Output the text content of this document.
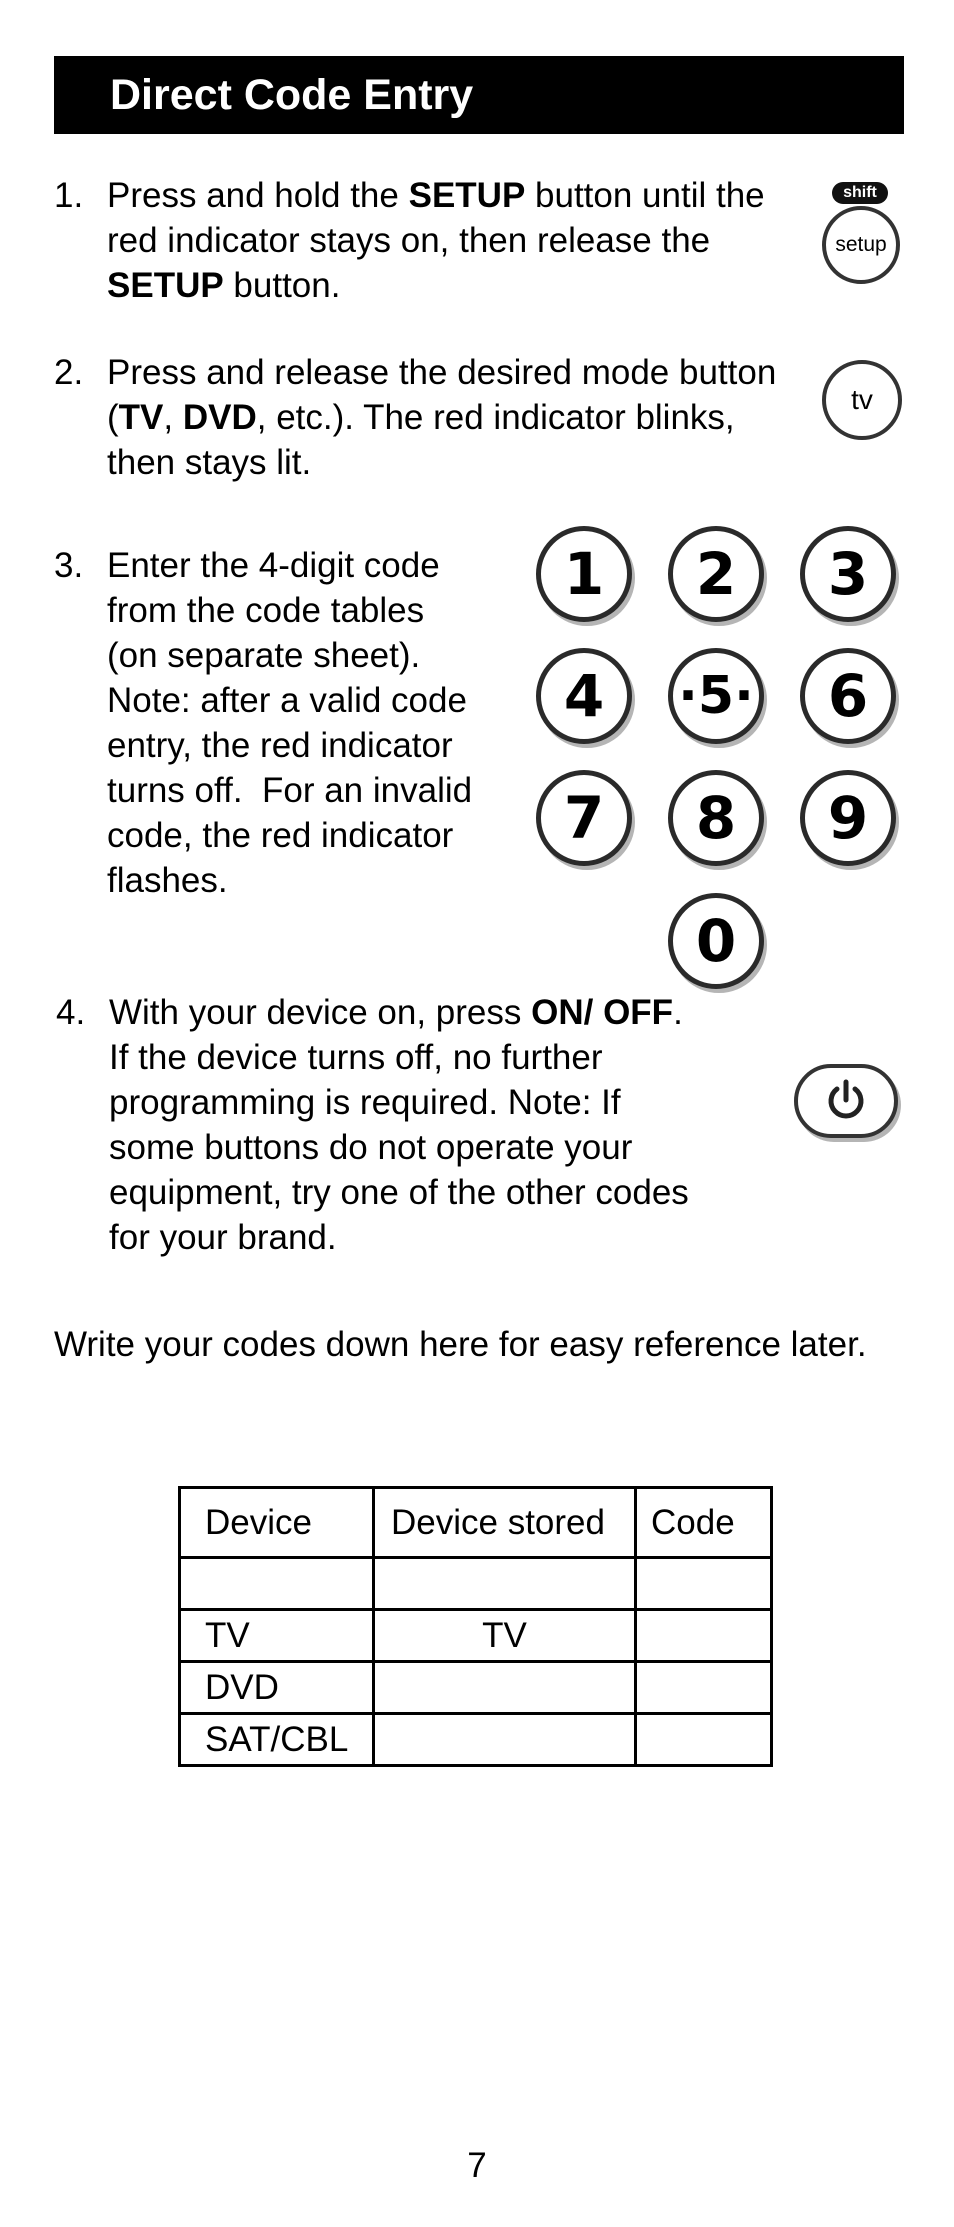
Direct Code Entry
1. Press and hold the SETUP button until the red indicator stays on, then release the SETUP button.

shift
setup
2. Press and release the desired mode button (TV, DVD, etc.). The red indicator blinks, then stays lit.

tv
3. Enter the 4-digit code
from the code tables
(on separate sheet).
Note: after a valid code
entry, the red indicator
turns off.  For an invalid
code, the red indicator
flashes.
1 2 3
4 ·5· 6
7 8 9
0
4. With your device on, press ON/ OFF. If the device turns off, no further programming is required. Note: If some buttons do not operate your equipment, try one of the other codes for your brand.

Write your codes down here for easy reference later.
Device	Device stored	Code

TV	TV	
DVD		
SAT/CBL		
7
